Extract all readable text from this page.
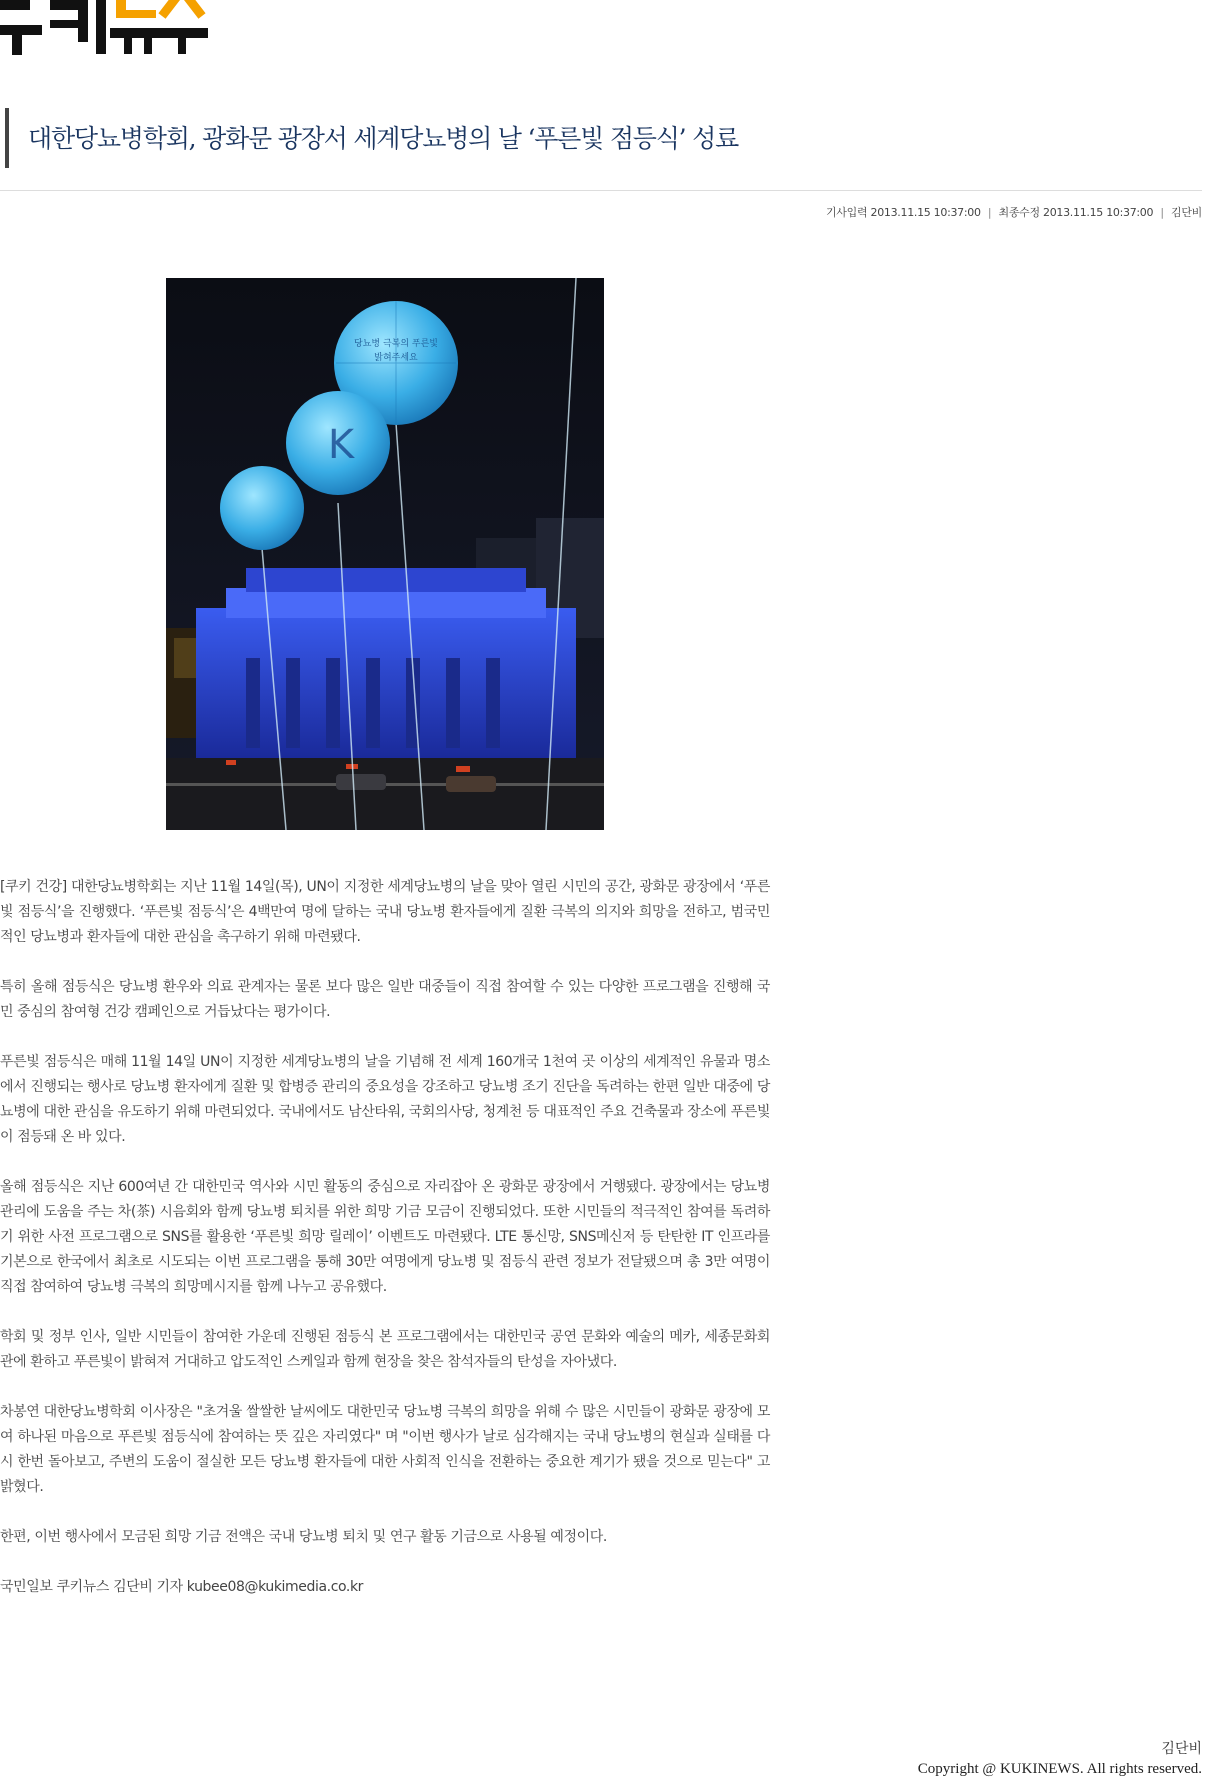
대한당뇨병학회, 광화문 광장서 세계당뇨병의 날 ‘푸른빛 점등식’ 성료
기사입력 2013.11.15 10:37:00 | 최종수정 2013.11.15 10:37:00 | 김단비
당뇨병 극복의 푸른빛
밝혀주세요
K

[쿠키 건강] 대한당뇨병학회는 지난 11월 14일(목), UN이 지정한 세계당뇨병의 날을 맞아 열린 시민의 공간, 광화문 광장에서 ‘푸른빛 점등식’을 진행했다. ‘푸른빛 점등식’은 4백만여 명에 달하는 국내 당뇨병 환자들에게 질환 극복의 의지와 희망을 전하고, 범국민적인 당뇨병과 환자들에 대한 관심을 촉구하기 위해 마련됐다.

특히 올해 점등식은 당뇨병 환우와 의료 관계자는 물론 보다 많은 일반 대중들이 직접 참여할 수 있는 다양한 프로그램을 진행해 국민 중심의 참여형 건강 캠페인으로 거듭났다는 평가이다.

푸른빛 점등식은 매해 11월 14일 UN이 지정한 세계당뇨병의 날을 기념해 전 세계 160개국 1천여 곳 이상의 세계적인 유물과 명소에서 진행되는 행사로 당뇨병 환자에게 질환 및 합병증 관리의 중요성을 강조하고 당뇨병 조기 진단을 독려하는 한편 일반 대중에 당뇨병에 대한 관심을 유도하기 위해 마련되었다. 국내에서도 남산타워, 국회의사당, 청계천 등 대표적인 주요 건축물과 장소에 푸른빛이 점등돼 온 바 있다.

올해 점등식은 지난 600여년 간 대한민국 역사와 시민 활동의 중심으로 자리잡아 온 광화문 광장에서 거행됐다. 광장에서는 당뇨병 관리에 도움을 주는 차(茶) 시음회와 함께 당뇨병 퇴치를 위한 희망 기금 모금이 진행되었다. 또한 시민들의 적극적인 참여를 독려하기 위한 사전 프로그램으로 SNS를 활용한 ‘푸른빛 희망 릴레이’ 이벤트도 마련됐다. LTE 통신망, SNS메신저 등 탄탄한 IT 인프라를 기본으로 한국에서 최초로 시도되는 이번 프로그램을 통해 30만 여명에게 당뇨병 및 점등식 관련 정보가 전달됐으며 총 3만 여명이 직접 참여하여 당뇨병 극복의 희망메시지를 함께 나누고 공유했다.

학회 및 정부 인사, 일반 시민들이 참여한 가운데 진행된 점등식 본 프로그램에서는 대한민국 공연 문화와 예술의 메카, 세종문화회관에 환하고 푸른빛이 밝혀져 거대하고 압도적인 스케일과 함께 현장을 찾은 참석자들의 탄성을 자아냈다.

차봉연 대한당뇨병학회 이사장은 "초겨울 쌀쌀한 날씨에도 대한민국 당뇨병 극복의 희망을 위해 수 많은 시민들이 광화문 광장에 모여 하나된 마음으로 푸른빛 점등식에 참여하는 뜻 깊은 자리였다" 며 "이번 행사가 날로 심각해지는 국내 당뇨병의 현실과 실태를 다시 한번 돌아보고, 주변의 도움이 절실한 모든 당뇨병 환자들에 대한 사회적 인식을 전환하는 중요한 계기가 됐을 것으로 믿는다" 고 밝혔다.

한편, 이번 행사에서 모금된 희망 기금 전액은 국내 당뇨병 퇴치 및 연구 활동 기금으로 사용될 예정이다.

국민일보 쿠키뉴스 김단비 기자 kubee08@kukimedia.co.kr

김단비
Copyright @ KUKINEWS. All rights reserved.
